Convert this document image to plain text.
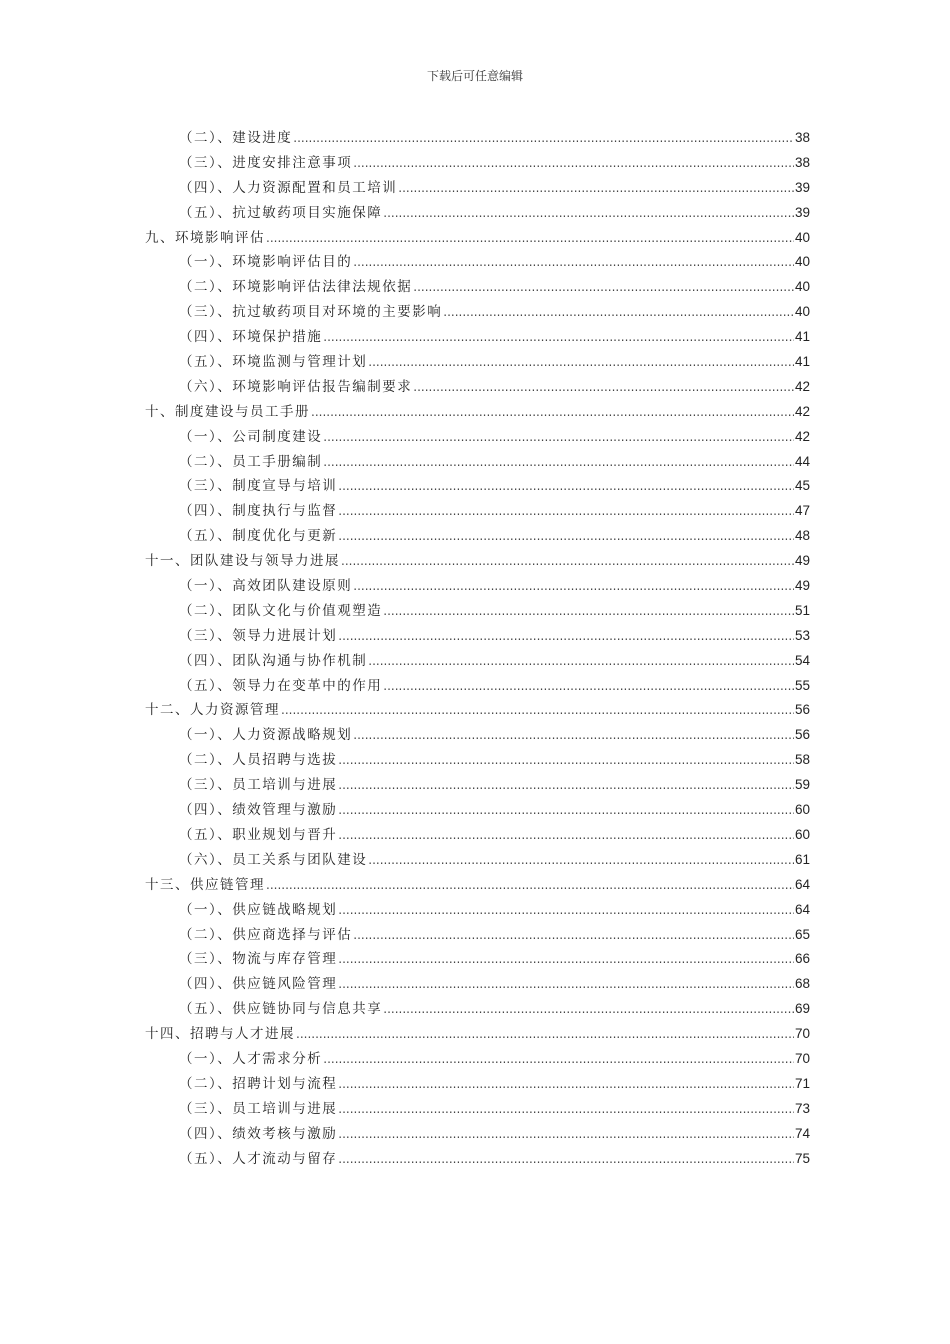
下载后可任意编辑
（二）、建设进度 .....	38
（三）、进度安排注意事项 .....	38
（四）、人力资源配置和员工培训 .....	39
（五）、抗过敏药项目实施保障 .....	39
九、环境影响评估 .....	40
（一）、环境影响评估目的 .....	40
（二）、环境影响评估法律法规依据 .....	40
（三）、抗过敏药项目对环境的主要影响 .....	40
（四）、环境保护措施 .....	41
（五）、环境监测与管理计划 .....	41
（六）、环境影响评估报告编制要求 .....	42
十、制度建设与员工手册 .....	42
（一）、公司制度建设 .....	42
（二）、员工手册编制 .....	44
（三）、制度宣导与培训 .....	45
（四）、制度执行与监督 .....	47
（五）、制度优化与更新 .....	48
十一、团队建设与领导力进展 .....	49
（一）、高效团队建设原则 .....	49
（二）、团队文化与价值观塑造 .....	51
（三）、领导力进展计划 .....	53
（四）、团队沟通与协作机制 .....	54
（五）、领导力在变革中的作用 .....	55
十二、人力资源管理 .....	56
（一）、人力资源战略规划 .....	56
（二）、人员招聘与选拔 .....	58
（三）、员工培训与进展 .....	59
（四）、绩效管理与激励 .....	60
（五）、职业规划与晋升 .....	60
（六）、员工关系与团队建设 .....	61
十三、供应链管理 .....	64
（一）、供应链战略规划 .....	64
（二）、供应商选择与评估 .....	65
（三）、物流与库存管理 .....	66
（四）、供应链风险管理 .....	68
（五）、供应链协同与信息共享 .....	69
十四、招聘与人才进展 .....	70
（一）、人才需求分析 .....	70
（二）、招聘计划与流程 .....	71
（三）、员工培训与进展 .....	73
（四）、绩效考核与激励 .....	74
（五）、人才流动与留存 .....	75
